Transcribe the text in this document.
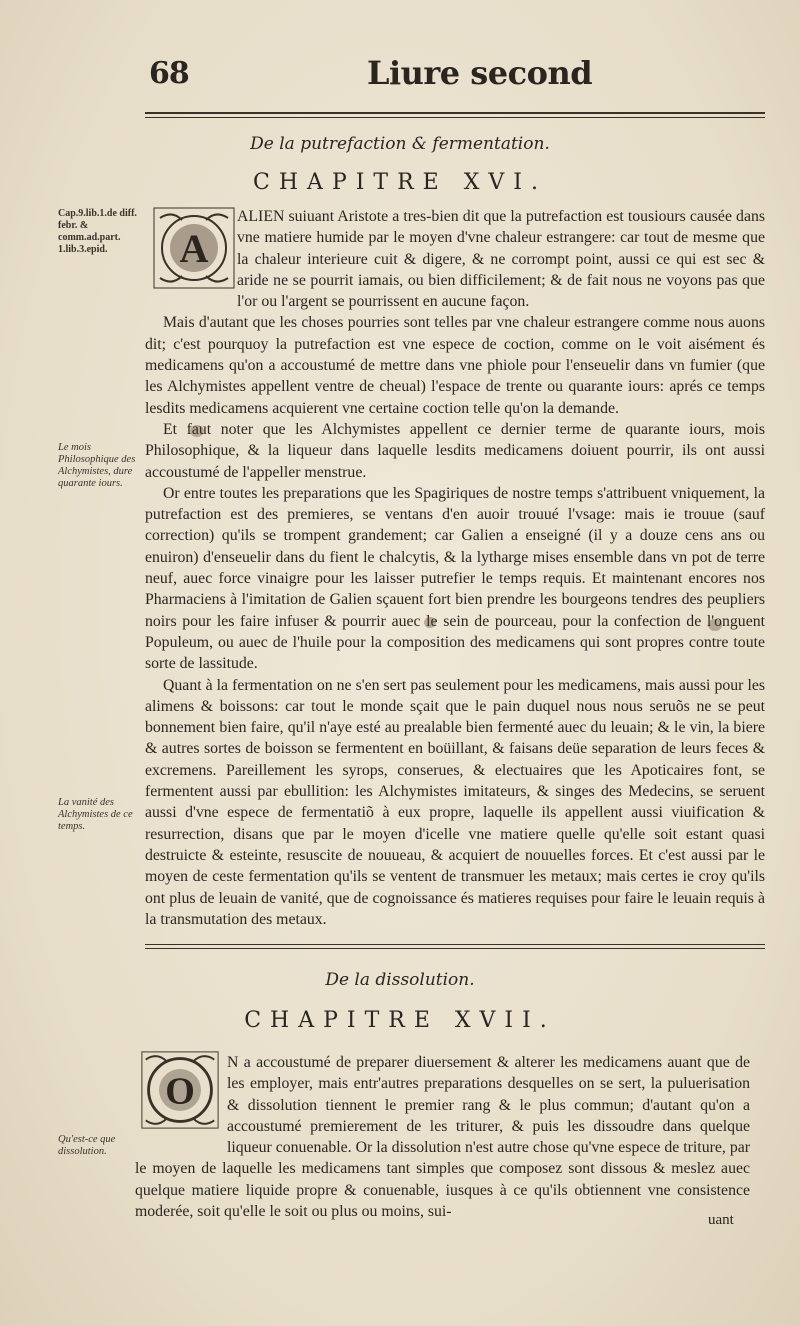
68	Liure second
De la putrefaction & fermentation.
CHAPITRE XVI.
A

ALIEN suiuant Aristote a tres-bien dit que la putrefaction est tousiours causée dans vne matiere humide par le moyen d'vne chaleur estrangere: car tout de mesme que la chaleur interieure cuit & digere, & ne corrompt point, aussi ce qui est sec & aride ne se pourrit iamais, ou bien difficilement; & de fait nous ne voyons pas que l'or ou l'argent se pourrissent en aucune façon.

Mais d'autant que les choses pourries sont telles par vne chaleur estrangere comme nous auons dit; c'est pourquoy la putrefaction est vne espece de coction, comme on le voit aisément és medicamens qu'on a accoustumé de mettre dans vne phiole pour l'enseuelir dans vn fumier (que les Alchymistes appellent ventre de cheual) l'espace de trente ou quarante iours: aprés ce temps lesdits medicamens acquierent vne certaine coction telle qu'on la demande.

Et faut noter que les Alchymistes appellent ce dernier terme de quarante iours, mois Philosophique, & la liqueur dans laquelle lesdits medicamens doiuent pourrir, ils ont aussi accoustumé de l'appeller menstrue.

Or entre toutes les preparations que les Spagiriques de nostre temps s'attribuent vniquement, la putrefaction est des premieres, se ventans d'en auoir trouué l'vsage: mais ie trouue (sauf correction) qu'ils se trompent grandement; car Galien a enseigné (il y a douze cens ans ou enuiron) d'enseuelir dans du fient le chalcytis, & la lytharge mises ensemble dans vn pot de terre neuf, auec force vinaigre pour les laisser putrefier le temps requis. Et maintenant encores nos Pharmaciens à l'imitation de Galien sçauent fort bien prendre les bourgeons tendres des peupliers noirs pour les faire infuser & pourrir auec le sein de pourceau, pour la confection de l'onguent Populeum, ou auec de l'huile pour la composition des medicamens qui sont propres contre toute sorte de lassitude.

Quant à la fermentation on ne s'en sert pas seulement pour les medicamens, mais aussi pour les alimens & boissons: car tout le monde sçait que le pain duquel nous nous seruõs ne se peut bonnement bien faire, qu'il n'aye esté au prealable bien fermenté auec du leuain; & le vin, la biere & autres sortes de boisson se fermentent en boüillant, & faisans deüe separation de leurs feces & excremens. Pareillement les syrops, conserues, & electuaires que les Apoticaires font, se fermentent aussi par ebullition: les Alchymistes imitateurs, & singes des Medecins, se seruent aussi d'vne espece de fermentatiõ à eux propre, laquelle ils appellent aussi viuification & resurrection, disans que par le moyen d'icelle vne matiere quelle qu'elle soit estant quasi destruicte & esteinte, resuscite de nouueau, & acquiert de nouuelles forces. Et c'est aussi par le moyen de ceste fermentation qu'ils se ventent de transmuer les metaux; mais certes ie croy qu'ils ont plus de leuain de vanité, que de cognoissance és matieres requises pour faire le leuain requis à la transmutation des metaux.

Cap.9.lib.1.de diff. febr. & comm.ad.part. 1.lib.3.epid.
Le mois Philosophique des Alchymistes, dure quarante iours.
La vanité des Alchymistes de ce temps.
Qu'est-ce que dissolution.
De la dissolution.
CHAPITRE XVII.
O

N a accoustumé de preparer diuersement & alterer les medicamens auant que de les employer, mais entr'autres preparations desquelles on se sert, la puluerisation & dissolution tiennent le premier rang & le plus commun; d'autant qu'on a accoustumé premierement de les triturer, & puis les dissoudre dans quelque liqueur conuenable. Or la dissolution n'est autre chose qu'vne espece de triture, par le moyen de laquelle les medicamens tant simples que composez sont dissous & meslez auec quelque matiere liquide propre & conuenable, iusques à ce qu'ils obtiennent vne consistence moderée, soit qu'elle le soit ou plus ou moins, sui-	uant
